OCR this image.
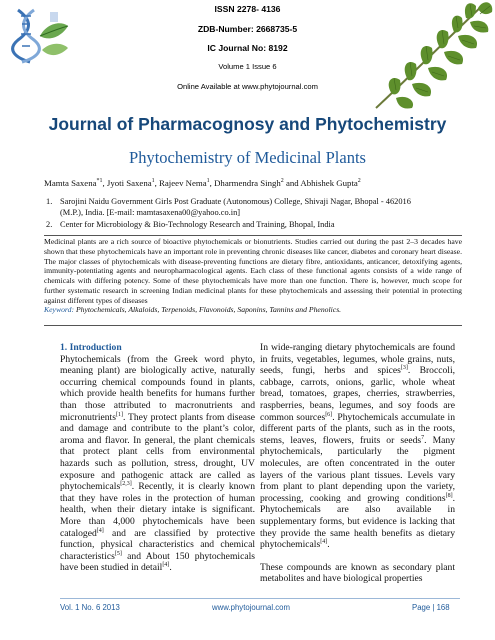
ISSN 2278- 4136
ZDB-Number: 2668735-5
IC Journal No: 8192
Volume 1 Issue 6
Online Available at www.phytojournal.com
Journal of Pharmacognosy and Phytochemistry
Phytochemistry of Medicinal Plants
Mamta Saxena$^{*1}$, Jyoti Saxena$^1$, Rajeev Nema$^1$, Dharmendra Singh$^2$ and Abhishek Gupta$^2$
1. Sarojini Naidu Government Girls Post Graduate (Autonomous) College, Shivaji Nagar, Bhopal - 462016
(M.P.), India. [E-mail: mamtasaxena00@yahoo.co.in]
2. Center for Microbiology & Bio-Technology Research and Training, Bhopal, India
Medicinal plants are a rich source of bioactive phytochemicals or bionutrients. Studies carried out during the past 2–3 decades have shown that these phytochemicals have an important role in preventing chronic diseases like cancer, diabetes and coronary heart disease. The major classes of phytochemicals with disease-preventing functions are dietary fibre, antioxidants, anticancer, detoxifying agents, immunity-potentiating agents and neuropharmacological agents. Each class of these functional agents consists of a wide range of chemicals with differing potency. Some of these phytochemicals have more than one function. There is, however, much scope for further systematic research in screening Indian medicinal plants for these phytochemicals and assessing their potential in protecting against different types of diseases
Keyword: Phytochemicals, Alkaloids, Terpenoids, Flavonoids, Saponins, Tannins and Phenolics.
1. Introduction

Phytochemicals (from the Greek word phyto, meaning plant) are biologically active, naturally occurring chemical compounds found in plants, which provide health benefits for humans further than those attributed to macronutrients and micronutrients[1]. They protect plants from disease and damage and contribute to the plant’s color, aroma and flavor. In general, the plant chemicals that protect plant cells from environmental hazards such as pollution, stress, drought, UV exposure and pathogenic attack are called as phytochemicals[2,3]. Recently, it is clearly known that they have roles in the protection of human health, when their dietary intake is significant. More than 4,000 phytochemicals have been cataloged[4] and are classified by protective function, physical characteristics and chemical characteristics[5] and About 150 phytochemicals have been studied in detail[4].

In wide-ranging dietary phytochemicals are found in fruits, vegetables, legumes, whole grains, nuts, seeds, fungi, herbs and spices[3]. Broccoli, cabbage, carrots, onions, garlic, whole wheat bread, tomatoes, grapes, cherries, strawberries, raspberries, beans, legumes, and soy foods are common sources[6]. Phytochemicals accumulate in different parts of the plants, such as in the roots, stems, leaves, flowers, fruits or seeds$^7$. Many phytochemicals, particularly the pigment molecules, are often concentrated in the outer layers of the various plant tissues. Levels vary from plant to plant depending upon the variety, processing, cooking and growing conditions[8]. Phytochemicals are also available in supplementary forms, but evidence is lacking that they provide the same health benefits as dietary phytochemicals[4].

These compounds are known as secondary plant metabolites and have biological properties

Vol. 1 No. 6 2013	www.phytojournal.com	Page | 168
